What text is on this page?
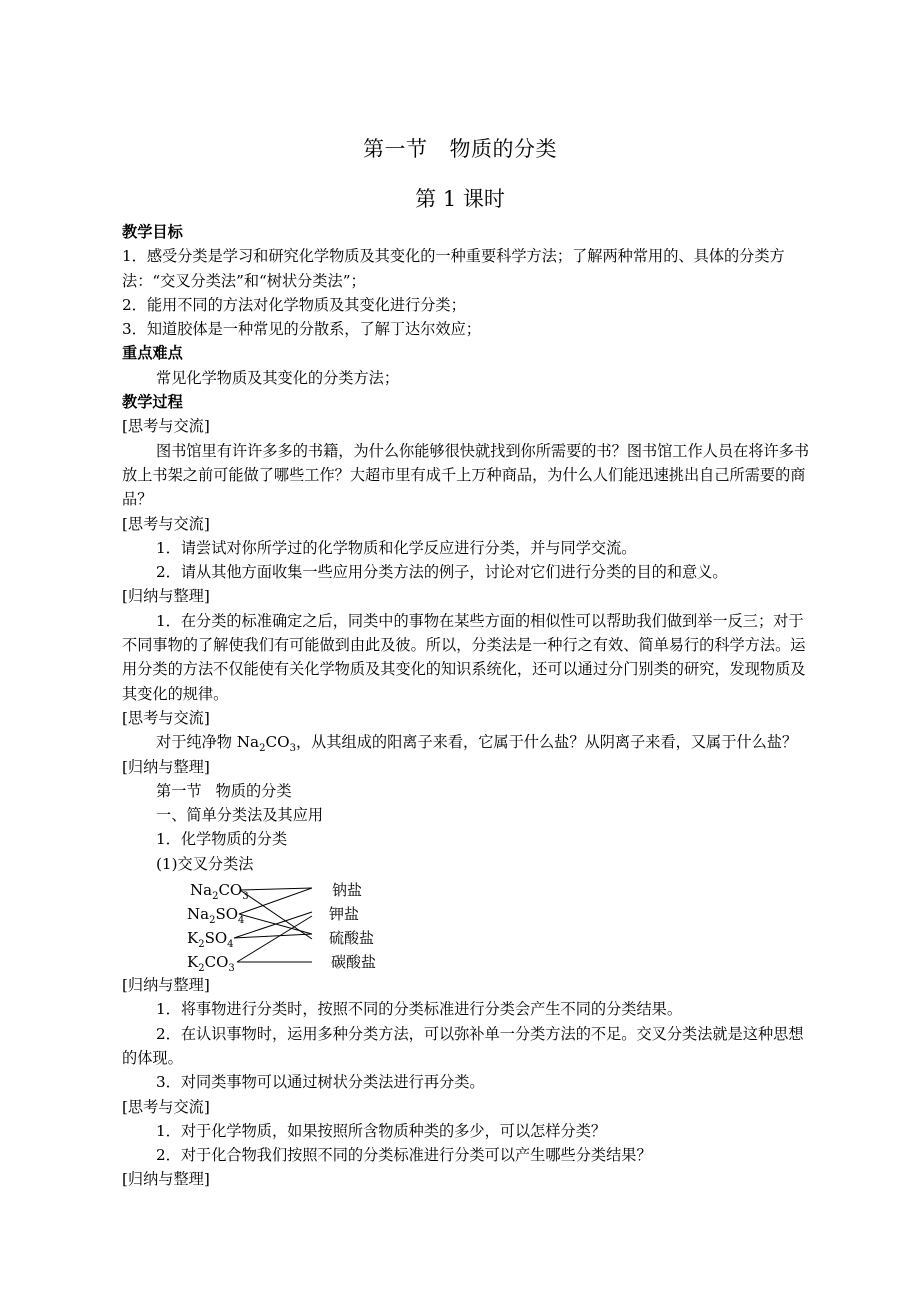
第一节 物质的分类
第 1 课时

教学目标

1．感受分类是学习和研究化学物质及其变化的一种重要科学方法；了解两种常用的、具体的分类方法：“交叉分类法”和“树状分类法”；

2．能用不同的方法对化学物质及其变化进行分类；

3．知道胶体是一种常见的分散系，了解丁达尔效应；

重点难点

常见化学物质及其变化的分类方法；

教学过程

[思考与交流]

图书馆里有许许多多的书籍，为什么你能够很快就找到你所需要的书？图书馆工作人员在将许多书放上书架之前可能做了哪些工作？大超市里有成千上万种商品，为什么人们能迅速挑出自己所需要的商品？

[思考与交流]

1．请尝试对你所学过的化学物质和化学反应进行分类，并与同学交流。

2．请从其他方面收集一些应用分类方法的例子，讨论对它们进行分类的目的和意义。

[归纳与整理]

1．在分类的标准确定之后，同类中的事物在某些方面的相似性可以帮助我们做到举一反三；对于不同事物的了解使我们有可能做到由此及彼。所以，分类法是一种行之有效、简单易行的科学方法。运用分类的方法不仅能使有关化学物质及其变化的知识系统化，还可以通过分门别类的研究，发现物质及其变化的规律。

[思考与交流]

对于纯净物 $Na_2CO_3$，从其组成的阳离子来看，它属于什么盐？从阴离子来看，又属于什么盐？

[归纳与整理]

第一节 物质的分类

一、简单分类法及其应用

1．化学物质的分类

(1)交叉分类法

$Na_2CO_3$
$Na_2SO_4$
$K_2SO_4$
$K_2CO_3$
钠盐
钾盐
硫酸盐
碳酸盐

[归纳与整理]

1．将事物进行分类时，按照不同的分类标准进行分类会产生不同的分类结果。

2．在认识事物时，运用多种分类方法，可以弥补单一分类方法的不足。交叉分类法就是这种思想的体现。

3．对同类事物可以通过树状分类法进行再分类。

[思考与交流]

1．对于化学物质，如果按照所含物质种类的多少，可以怎样分类？

2．对于化合物我们按照不同的分类标准进行分类可以产生哪些分类结果？

[归纳与整理]
